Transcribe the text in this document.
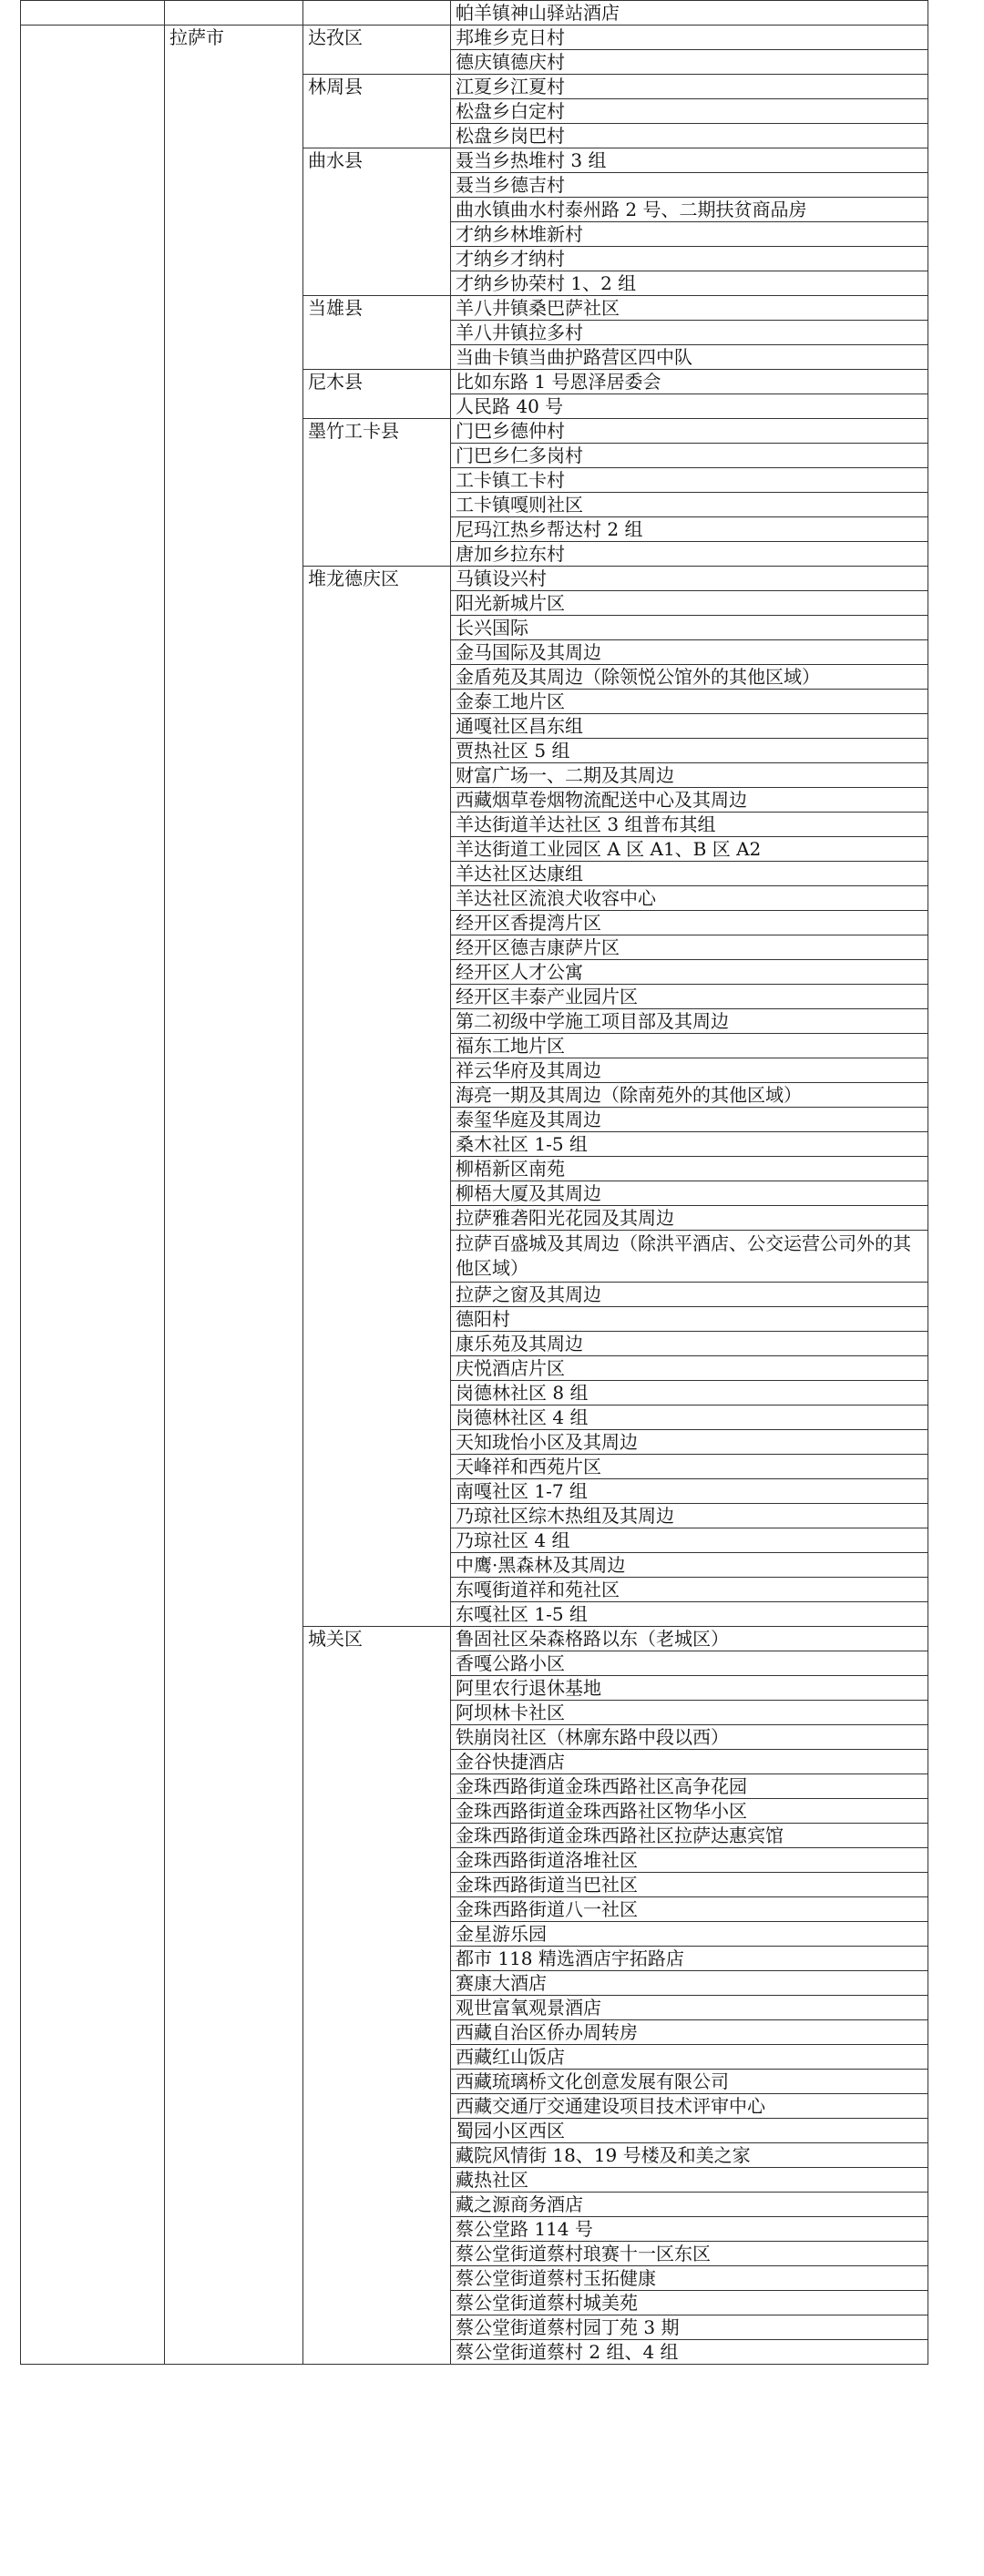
			帕羊镇神山驿站酒店
	拉萨市	达孜区	邦堆乡克日村
			德庆镇德庆村
		林周县	江夏乡江夏村
			松盘乡白定村
			松盘乡岗巴村
		曲水县	聂当乡热堆村 3 组
			聂当乡德吉村
			曲水镇曲水村泰州路 2 号、二期扶贫商品房
			才纳乡林堆新村
			才纳乡才纳村
			才纳乡协荣村 1、2 组
		当雄县	羊八井镇桑巴萨社区
			羊八井镇拉多村
			当曲卡镇当曲护路营区四中队
		尼木县	比如东路 1 号恩泽居委会
			人民路 40 号
		墨竹工卡县	门巴乡德仲村
			门巴乡仁多岗村
			工卡镇工卡村
			工卡镇嘎则社区
			尼玛江热乡帮达村 2 组
			唐加乡拉东村
		堆龙德庆区	马镇设兴村
			阳光新城片区
			长兴国际
			金马国际及其周边
			金盾苑及其周边（除领悦公馆外的其他区域）
			金泰工地片区
			通嘎社区昌东组
			贾热社区 5 组
			财富广场一、二期及其周边
			西藏烟草卷烟物流配送中心及其周边
			羊达街道羊达社区 3 组普布其组
			羊达街道工业园区 A 区 A1、B 区 A2
			羊达社区达康组
			羊达社区流浪犬收容中心
			经开区香提湾片区
			经开区德吉康萨片区
			经开区人才公寓
			经开区丰泰产业园片区
			第二初级中学施工项目部及其周边
			福东工地片区
			祥云华府及其周边
			海亮一期及其周边（除南苑外的其他区域）
			泰玺华庭及其周边
			桑木社区 1-5 组
			柳梧新区南苑
			柳梧大厦及其周边
			拉萨雅砻阳光花园及其周边
			拉萨百盛城及其周边（除洪平酒店、公交运营公司外的其他区域）
			拉萨之窗及其周边
			德阳村
			康乐苑及其周边
			庆悦酒店片区
			岗德林社区 8 组
			岗德林社区 4 组
			天知珑怡小区及其周边
			天峰祥和西苑片区
			南嘎社区 1-7 组
			乃琼社区综木热组及其周边
			乃琼社区 4 组
			中鹰·黑森林及其周边
			东嘎街道祥和苑社区
			东嘎社区 1-5 组
		城关区	鲁固社区朵森格路以东（老城区）
			香嘎公路小区
			阿里农行退休基地
			阿坝林卡社区
			铁崩岗社区（林廓东路中段以西）
			金谷快捷酒店
			金珠西路街道金珠西路社区高争花园
			金珠西路街道金珠西路社区物华小区
			金珠西路街道金珠西路社区拉萨达惠宾馆
			金珠西路街道洛堆社区
			金珠西路街道当巴社区
			金珠西路街道八一社区
			金星游乐园
			都市 118 精选酒店宇拓路店
			赛康大酒店
			观世富氧观景酒店
			西藏自治区侨办周转房
			西藏红山饭店
			西藏琉璃桥文化创意发展有限公司
			西藏交通厅交通建设项目技术评审中心
			蜀园小区西区
			藏院风情街 18、19 号楼及和美之家
			藏热社区
			藏之源商务酒店
			蔡公堂路 114 号
			蔡公堂街道蔡村琅赛十一区东区
			蔡公堂街道蔡村玉拓健康
			蔡公堂街道蔡村城美苑
			蔡公堂街道蔡村园丁苑 3 期
			蔡公堂街道蔡村 2 组、4 组
